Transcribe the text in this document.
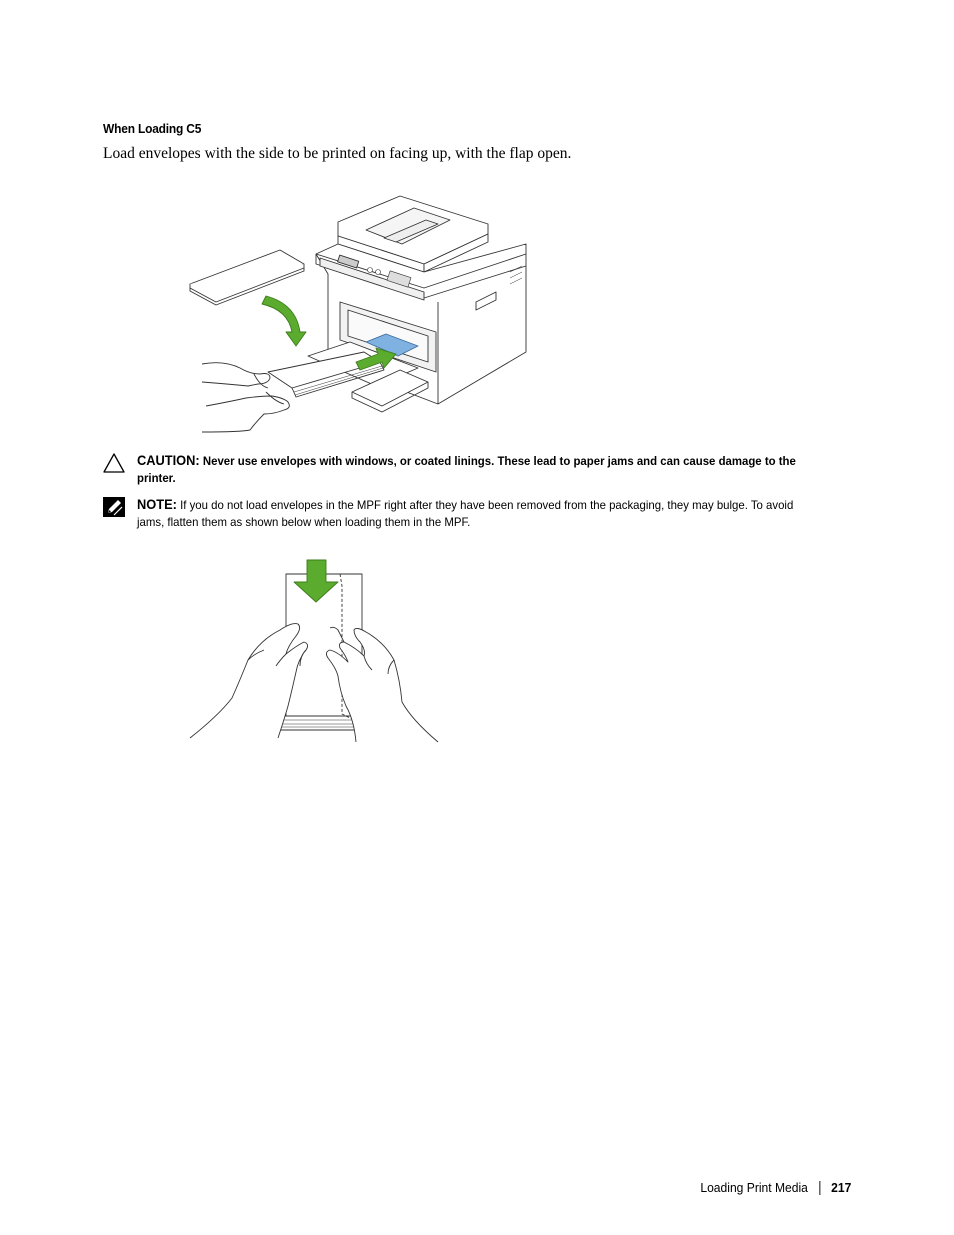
When Loading C5
Load envelopes with the side to be printed on facing up, with the flap open.
CAUTION: Never use envelopes with windows, or coated linings. These lead to paper jams and can cause damage to the printer.
NOTE: If you do not load envelopes in the MPF right after they have been removed from the packaging, they may bulge. To avoid jams, flatten them as shown below when loading them in the MPF.
Loading Print Media 217
